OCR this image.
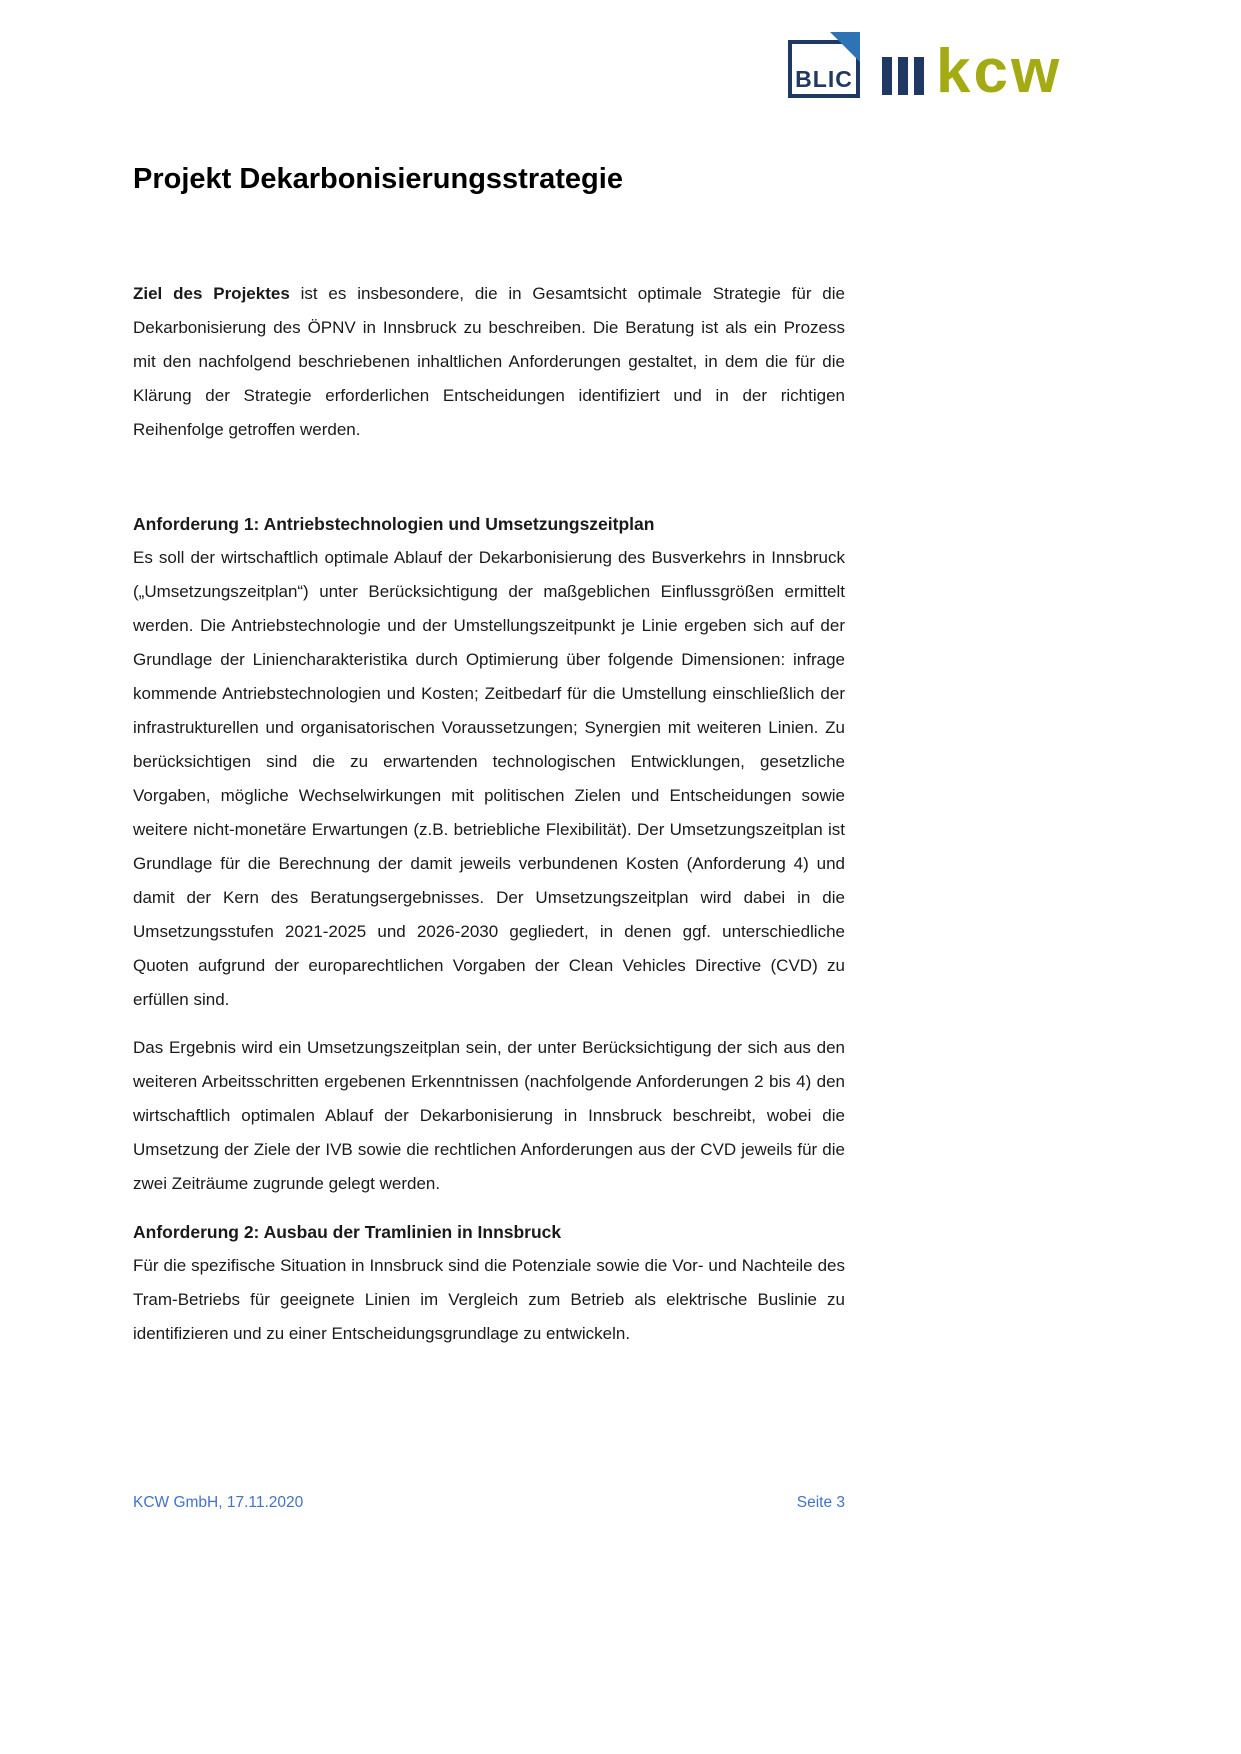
BLIC kcw
Projekt Dekarbonisierungsstrategie

Ziel des Projektes ist es insbesondere, die in Gesamtsicht optimale Strategie für die Dekarbonisierung des ÖPNV in Innsbruck zu beschreiben. Die Beratung ist als ein Prozess mit den nachfolgend beschriebenen inhaltlichen Anforderungen gestaltet, in dem die für die Klärung der Strategie erforderlichen Entscheidungen identifiziert und in der richtigen Reihenfolge getroffen werden.

Anforderung 1: Antriebstechnologien und Umsetzungszeitplan

Es soll der wirtschaftlich optimale Ablauf der Dekarbonisierung des Busverkehrs in Innsbruck („Umsetzungszeitplan“) unter Berücksichtigung der maßgeblichen Einflussgrößen ermittelt werden. Die Antriebstechnologie und der Umstellungszeitpunkt je Linie ergeben sich auf der Grundlage der Liniencharakteristika durch Optimierung über folgende Dimensionen: infrage kommende Antriebstechnologien und Kosten; Zeitbedarf für die Umstellung einschließlich der infrastrukturellen und organisatorischen Voraussetzungen; Synergien mit weiteren Linien. Zu berücksichtigen sind die zu erwartenden technologischen Entwicklungen, gesetzliche Vorgaben, mögliche Wechselwirkungen mit politischen Zielen und Entscheidungen sowie weitere nicht-monetäre Erwartungen (z.B. betriebliche Flexibilität). Der Umsetzungszeitplan ist Grundlage für die Berechnung der damit jeweils verbundenen Kosten (Anforderung 4) und damit der Kern des Beratungsergebnisses. Der Umsetzungszeitplan wird dabei in die Umsetzungsstufen 2021-2025 und 2026-2030 gegliedert, in denen ggf. unterschiedliche Quoten aufgrund der europarechtlichen Vorgaben der Clean Vehicles Directive (CVD) zu erfüllen sind.

Das Ergebnis wird ein Umsetzungszeitplan sein, der unter Berücksichtigung der sich aus den weiteren Arbeitsschritten ergebenen Erkenntnissen (nachfolgende Anforderungen 2 bis 4) den wirtschaftlich optimalen Ablauf der Dekarbonisierung in Innsbruck beschreibt, wobei die Umsetzung der Ziele der IVB sowie die rechtlichen Anforderungen aus der CVD jeweils für die zwei Zeiträume zugrunde gelegt werden.

Anforderung 2: Ausbau der Tramlinien in Innsbruck

Für die spezifische Situation in Innsbruck sind die Potenziale sowie die Vor- und Nachteile des Tram-Betriebs für geeignete Linien im Vergleich zum Betrieb als elektrische Buslinie zu identifizieren und zu einer Entscheidungsgrundlage zu entwickeln.

KCW GmbH, 17.11.2020	Seite 3
